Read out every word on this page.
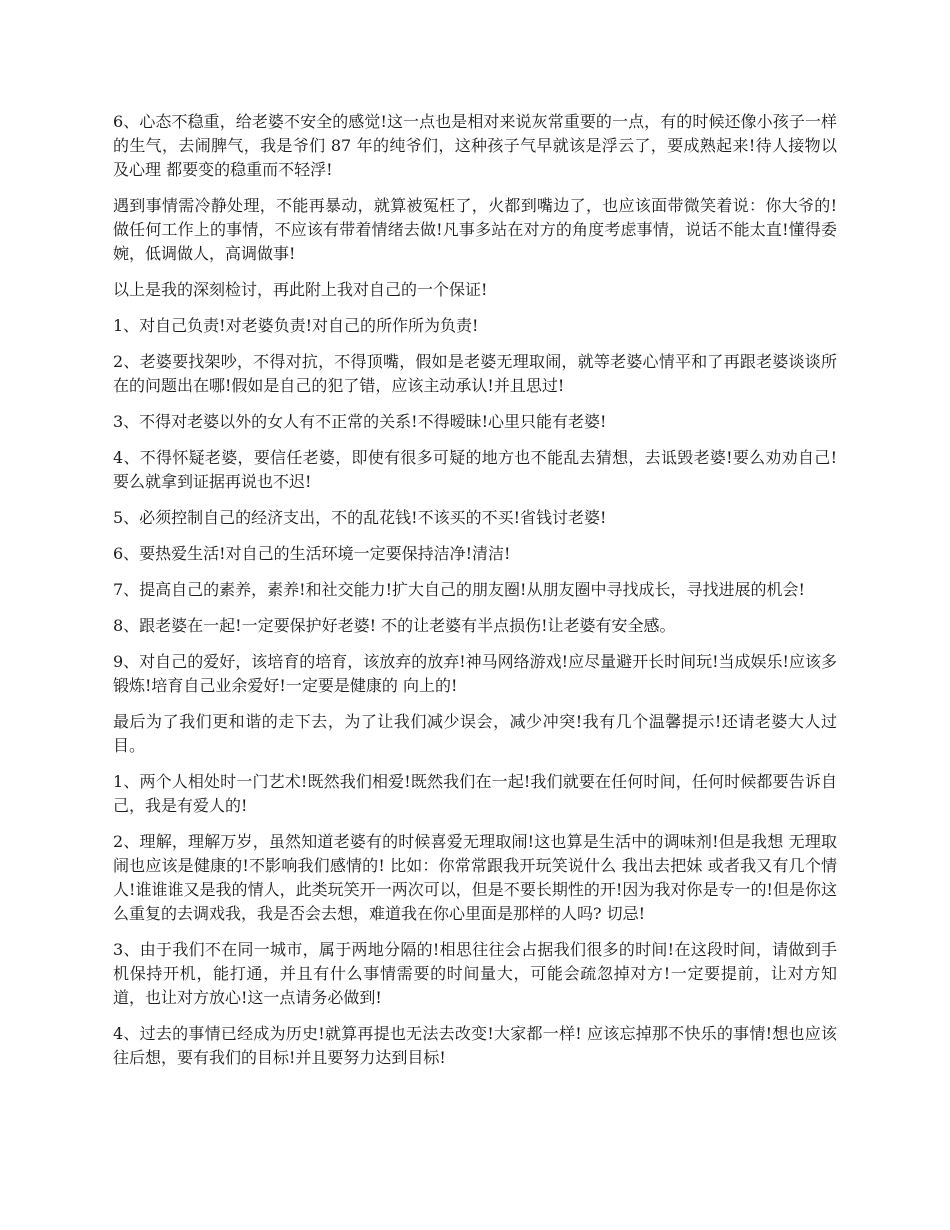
6、心态不稳重，给老婆不安全的感觉!这一点也是相对来说灰常重要的一点，有的时候还像小孩子一样的生气，去闹脾气，我是爷们 87 年的纯爷们，这种孩子气早就该是浮云了，要成熟起来!待人接物以及心理 都要变的稳重而不轻浮!

遇到事情需冷静处理，不能再暴动，就算被冤枉了，火都到嘴边了，也应该面带微笑着说：你大爷的!做任何工作上的事情，不应该有带着情绪去做!凡事多站在对方的角度考虑事情，说话不能太直!懂得委婉，低调做人，高调做事!

以上是我的深刻检讨，再此附上我对自己的一个保证!

1、对自己负责!对老婆负责!对自己的所作所为负责!

2、老婆要找架吵，不得对抗，不得顶嘴，假如是老婆无理取闹，就等老婆心情平和了再跟老婆谈谈所在的问题出在哪!假如是自己的犯了错，应该主动承认!并且思过!

3、不得对老婆以外的女人有不正常的关系!不得暧昧!心里只能有老婆!

4、不得怀疑老婆，要信任老婆，即使有很多可疑的地方也不能乱去猜想，去诋毁老婆!要么劝劝自己!要么就拿到证据再说也不迟!

5、必须控制自己的经济支出，不的乱花钱!不该买的不买!省钱讨老婆!

6、要热爱生活!对自己的生活环境一定要保持洁净!清洁!

7、提高自己的素养，素养!和社交能力!扩大自己的朋友圈!从朋友圈中寻找成长，寻找进展的机会!

8、跟老婆在一起!一定要保护好老婆! 不的让老婆有半点损伤!让老婆有安全感。

9、对自己的爱好，该培育的培育，该放弃的放弃!神马网络游戏!应尽量避开长时间玩!当成娱乐!应该多锻炼!培育自己业余爱好!一定要是健康的 向上的!

最后为了我们更和谐的走下去，为了让我们减少误会，减少冲突!我有几个温馨提示!还请老婆大人过目。

1、两个人相处时一门艺术!既然我们相爱!既然我们在一起!我们就要在任何时间，任何时候都要告诉自己，我是有爱人的!

2、理解，理解万岁，虽然知道老婆有的时候喜爱无理取闹!这也算是生活中的调味剂!但是我想 无理取闹也应该是健康的!不影响我们感情的! 比如：你常常跟我开玩笑说什么 我出去把妹 或者我又有几个情人!谁谁谁又是我的情人，此类玩笑开一两次可以，但是不要长期性的开!因为我对你是专一的!但是你这么重复的去调戏我，我是否会去想，难道我在你心里面是那样的人吗? 切忌!

3、由于我们不在同一城市，属于两地分隔的!相思往往会占据我们很多的时间!在这段时间，请做到手机保持开机，能打通，并且有什么事情需要的时间量大，可能会疏忽掉对方!一定要提前，让对方知道，也让对方放心!这一点请务必做到!

4、过去的事情已经成为历史!就算再提也无法去改变!大家都一样! 应该忘掉那不快乐的事情!想也应该往后想，要有我们的目标!并且要努力达到目标!
